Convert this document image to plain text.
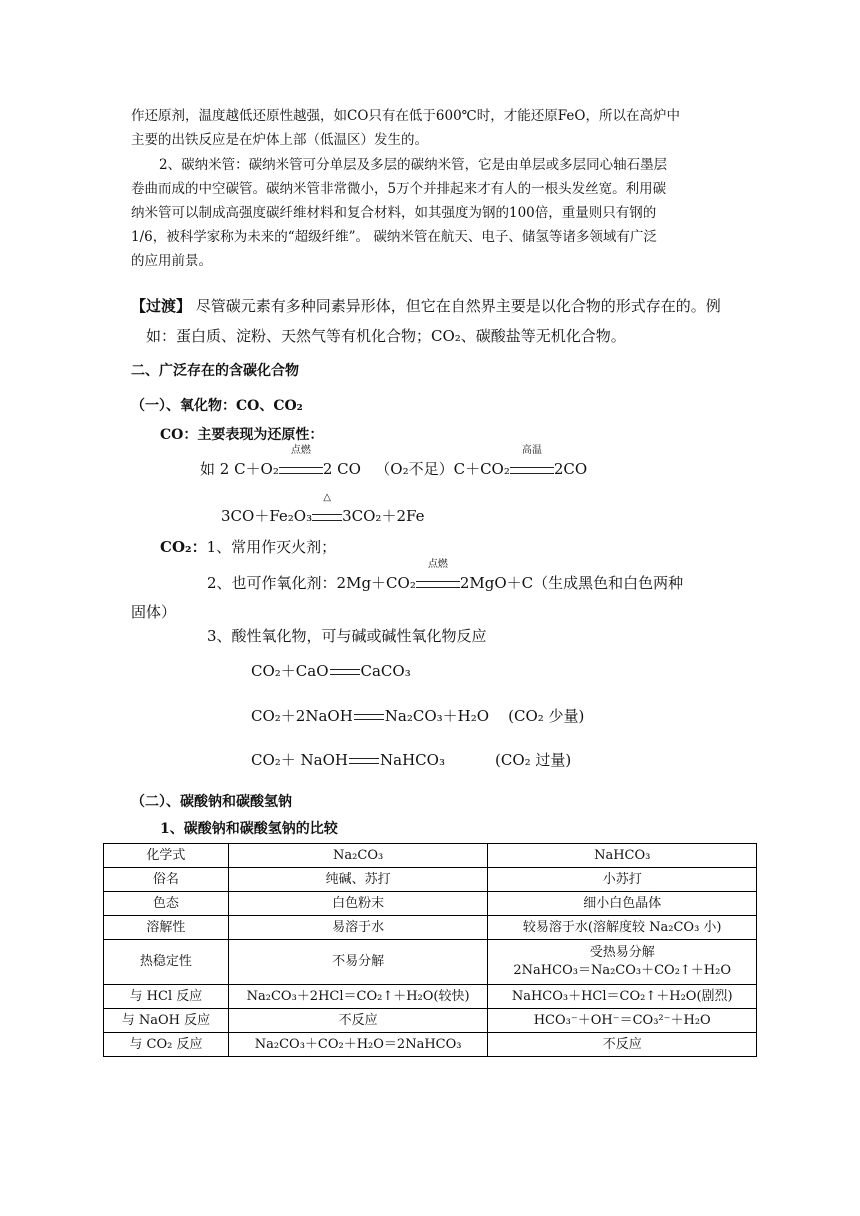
作还原剂，温度越低还原性越强，如CO只有在低于600℃时，才能还原FeO，所以在高炉中
主要的出铁反应是在炉体上部（低温区）发生的。
2、碳纳米管：碳纳米管可分单层及多层的碳纳米管，它是由单层或多层同心轴石墨层
卷曲而成的中空碳管。碳纳米管非常微小，5万个并排起来才有人的一根头发丝宽。利用碳
纳米管可以制成高强度碳纤维材料和复合材料，如其强度为钢的100倍，重量则只有钢的
1/6，被科学家称为未来的“超级纤维”。 碳纳米管在航天、电子、储氢等诸多领域有广泛
的应用前景。
【过渡】 尽管碳元素有多种同素异形体，但它在自然界主要是以化合物的形式存在的。例
如：蛋白质、淀粉、天然气等有机化合物；CO₂、碳酸盐等无机化合物。
二、广泛存在的含碳化合物
（一）、氧化物：CO、CO₂
CO：主要表现为还原性：
如 2 C＋O₂
点燃
2 CO （O₂不足）C＋CO₂
高温
2CO
3CO＋Fe₂O₃
△
3CO₂＋2Fe
CO₂：1、常用作灭火剂；
2、也可作氧化剂：2Mg＋CO₂
点燃
2MgO＋C（生成黑色和白色两种
固体）
3、酸性氧化物，可与碱或碱性氧化物反应
CO₂＋CaO CaCO₃
CO₂＋2NaOH Na₂CO₃＋H₂O (CO₂ 少量)
CO₂＋ NaOH NaHCO₃	(CO₂ 过量)
（二）、碳酸钠和碳酸氢钠
1、碳酸钠和碳酸氢钠的比较
化学式	Na₂CO₃	NaHCO₃
俗名	纯碱、苏打	小苏打
色态	白色粉末	细小白色晶体
溶解性	易溶于水	较易溶于水(溶解度较 Na₂CO₃ 小)
热稳定性	不易分解	受热易分解
2NaHCO₃＝Na₂CO₃＋CO₂↑＋H₂O

与 HCl 反应	Na₂CO₃＋2HCl＝CO₂↑＋H₂O(较快)	NaHCO₃＋HCl＝CO₂↑＋H₂O(剧烈)
与 NaOH 反应	不反应	HCO₃⁻＋OH⁻＝CO₃²⁻＋H₂O
与 CO₂ 反应	Na₂CO₃＋CO₂＋H₂O＝2NaHCO₃	不反应
